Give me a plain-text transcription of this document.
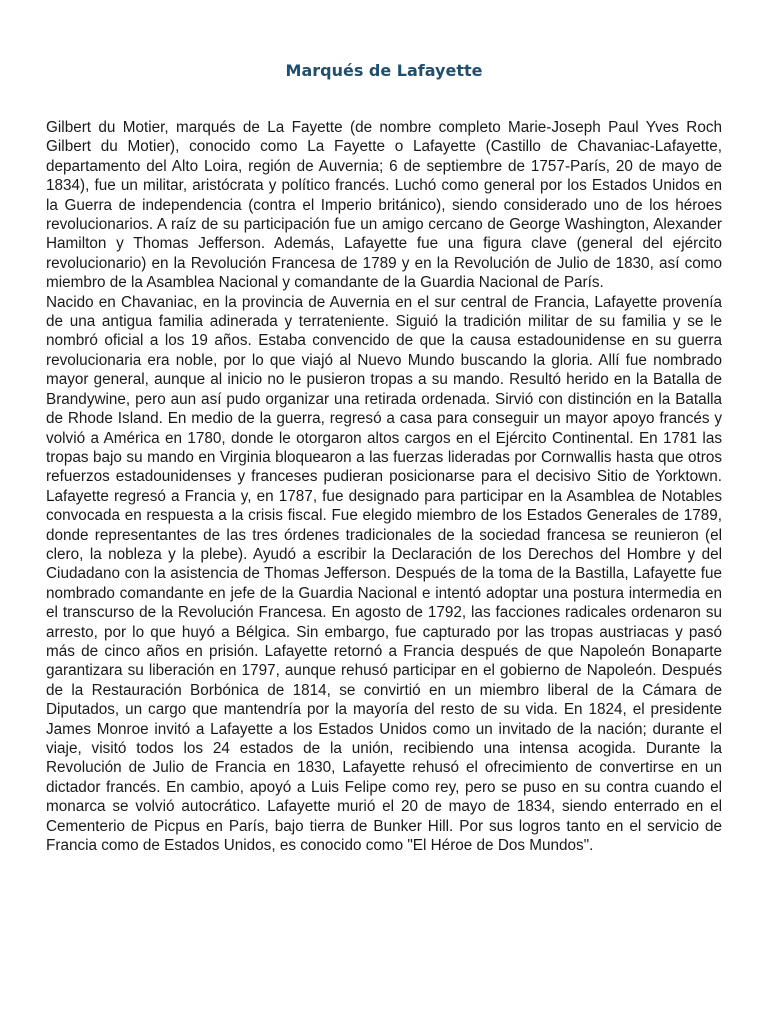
Marqués de Lafayette

Gilbert du Motier, marqués de La Fayette (de nombre completo Marie-Joseph Paul Yves Roch Gilbert du Motier), conocido como La Fayette o Lafayette (Castillo de Chavaniac-Lafayette, departamento del Alto Loira, región de Auvernia; 6 de septiembre de 1757-París, 20 de mayo de 1834), fue un militar, aristócrata y político francés. Luchó como general por los Estados Unidos en la Guerra de independencia (contra el Imperio británico), siendo considerado uno de los héroes revolucionarios. A raíz de su participación fue un amigo cercano de George Washington, Alexander Hamilton y Thomas Jefferson. Además, Lafayette fue una figura clave (general del ejército revolucionario) en la Revolución Francesa de 1789 y en la Revolución de Julio de 1830, así como miembro de la Asamblea Nacional y comandante de la Guardia Nacional de París.

Nacido en Chavaniac, en la provincia de Auvernia en el sur central de Francia, Lafayette provenía de una antigua familia adinerada y terrateniente. Siguió la tradición militar de su familia y se le nombró oficial a los 19 años. Estaba convencido de que la causa estadounidense en su guerra revolucionaria era noble, por lo que viajó al Nuevo Mundo buscando la gloria. Allí fue nombrado mayor general, aunque al inicio no le pusieron tropas a su mando. Resultó herido en la Batalla de Brandywine, pero aun así pudo organizar una retirada ordenada. Sirvió con distinción en la Batalla de Rhode Island. En medio de la guerra, regresó a casa para conseguir un mayor apoyo francés y volvió a América en 1780, donde le otorgaron altos cargos en el Ejército Continental. En 1781 las tropas bajo su mando en Virginia bloquearon a las fuerzas lideradas por Cornwallis hasta que otros refuerzos estadounidenses y franceses pudieran posicionarse para el decisivo Sitio de Yorktown. Lafayette regresó a Francia y, en 1787, fue designado para participar en la Asamblea de Notables convocada en respuesta a la crisis fiscal. Fue elegido miembro de los Estados Generales de 1789, donde representantes de las tres órdenes tradicionales de la sociedad francesa se reunieron (el clero, la nobleza y la plebe). Ayudó a escribir la Declaración de los Derechos del Hombre y del Ciudadano con la asistencia de Thomas Jefferson. Después de la toma de la Bastilla, Lafayette fue nombrado comandante en jefe de la Guardia Nacional e intentó adoptar una postura intermedia en el transcurso de la Revolución Francesa. En agosto de 1792, las facciones radicales ordenaron su arresto, por lo que huyó a Bélgica. Sin embargo, fue capturado por las tropas austriacas y pasó más de cinco años en prisión. Lafayette retornó a Francia después de que Napoleón Bonaparte garantizara su liberación en 1797, aunque rehusó participar en el gobierno de Napoleón. Después de la Restauración Borbónica de 1814, se convirtió en un miembro liberal de la Cámara de Diputados, un cargo que mantendría por la mayoría del resto de su vida. En 1824, el presidente James Monroe invitó a Lafayette a los Estados Unidos como un invitado de la nación; durante el viaje, visitó todos los 24 estados de la unión, recibiendo una intensa acogida. Durante la Revolución de Julio de Francia en 1830, Lafayette rehusó el ofrecimiento de convertirse en un dictador francés. En cambio, apoyó a Luis Felipe como rey, pero se puso en su contra cuando el monarca se volvió autocrático. Lafayette murió el 20 de mayo de 1834, siendo enterrado en el Cementerio de Picpus en París, bajo tierra de Bunker Hill. Por sus logros tanto en el servicio de Francia como de Estados Unidos, es conocido como "El Héroe de Dos Mundos".
